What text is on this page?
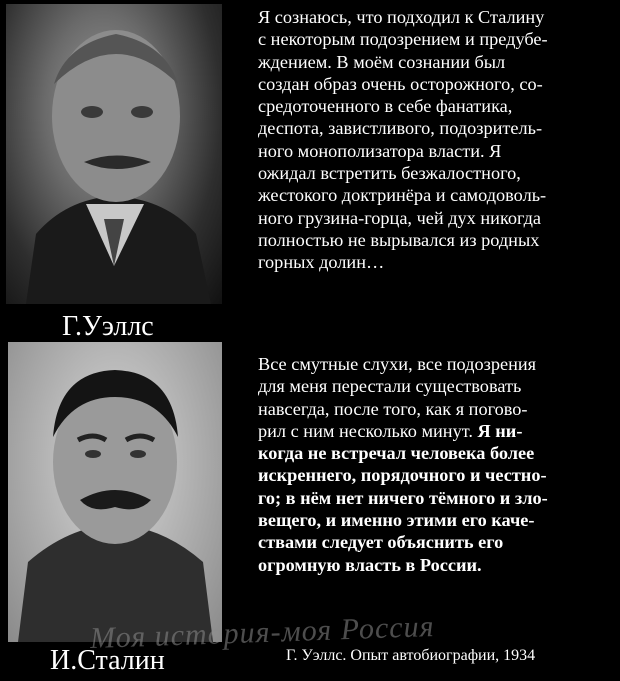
Г.Уэллс
И.Сталин
Я сознаюсь, что подходил к Сталину
с некоторым подозрением и предубе-
ждением. В моём сознании был
создан образ очень осторожного, со-
средоточенного в себе фанатика,
деспота, завистливого, подозритель-
ного монополизатора власти. Я
ожидал встретить безжалостного,
жестокого доктринёра и самодоволь-
ного грузина-горца, чей дух никогда
полностью не вырывался из родных
горных долин…
Все смутные слухи, все подозрения
для меня перестали существовать
навсегда, после того, как я погово-
рил с ним несколько минут. Я ни-
когда не встречал человека более
искреннего, порядочного и честно-
го; в нём нет ничего тёмного и зло-
вещего, и именно этими его каче-
ствами следует объяснить его
огромную власть в России.
Моя история-моя Россия
Г. Уэллс. Опыт автобиографии, 1934
